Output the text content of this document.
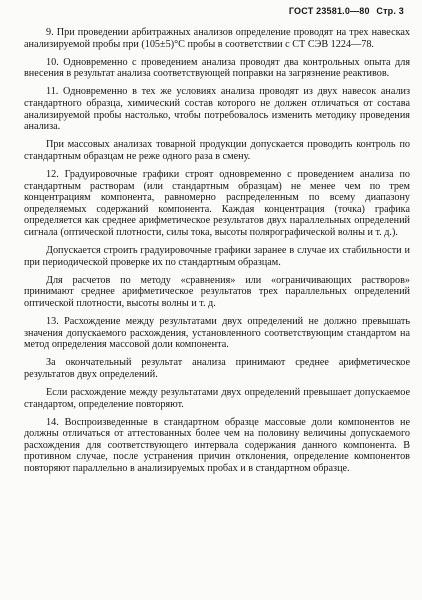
ГОСТ 23581.0—80 Стр. 3

9. При проведении арбитражных анализов определение проводят на трех навесках анализируемой пробы при (105±5)°С пробы в соответствии с СТ СЭВ 1224—78.

10. Одновременно с проведением анализа проводят два контрольных опыта для внесения в результат анализа соответствующей поправки на загрязнение реактивов.

11. Одновременно в тех же условиях анализа проводят из двух навесок анализ стандартного образца, химический состав которого не должен отличаться от состава анализируемой пробы настолько, чтобы потребовалось изменить методику проведения анализа.

При массовых анализах товарной продукции допускается проводить контроль по стандартным образцам не реже одного раза в смену.

12. Градуировочные графики строят одновременно с проведением анализа по стандартным растворам (или стандартным образцам) не менее чем по трем концентрациям компонента, равномерно распределенным по всему диапазону определяемых содержаний компонента. Каждая концентрация (точка) графика определяется как среднее арифметическое результатов двух параллельных определений сигнала (оптической плотности, силы тока, высоты полярографической волны и т. д.).

Допускается строить градуировочные графики заранее в случае их стабильности и при периодической проверке их по стандартным образцам.

Для расчетов по методу «сравнения» или «ограничивающих растворов» принимают среднее арифметическое результатов трех параллельных определений оптической плотности, высоты волны и т. д.

13. Расхождение между результатами двух определений не должно превышать значения допускаемого расхождения, установленного соответствующим стандартом на метод определения массовой доли компонента.

За окончательный результат анализа принимают среднее арифметическое результатов двух определений.

Если расхождение между результатами двух определений превышает допускаемое стандартом, определение повторяют.

14. Воспроизведенные в стандартном образце массовые доли компонентов не должны отличаться от аттестованных более чем на половину величины допускаемого расхождения для соответствующего интервала содержания данного компонента. В противном случае, после устранения причин отклонения, определение компонентов повторяют параллельно в анализируемых пробах и в стандартном образце.
